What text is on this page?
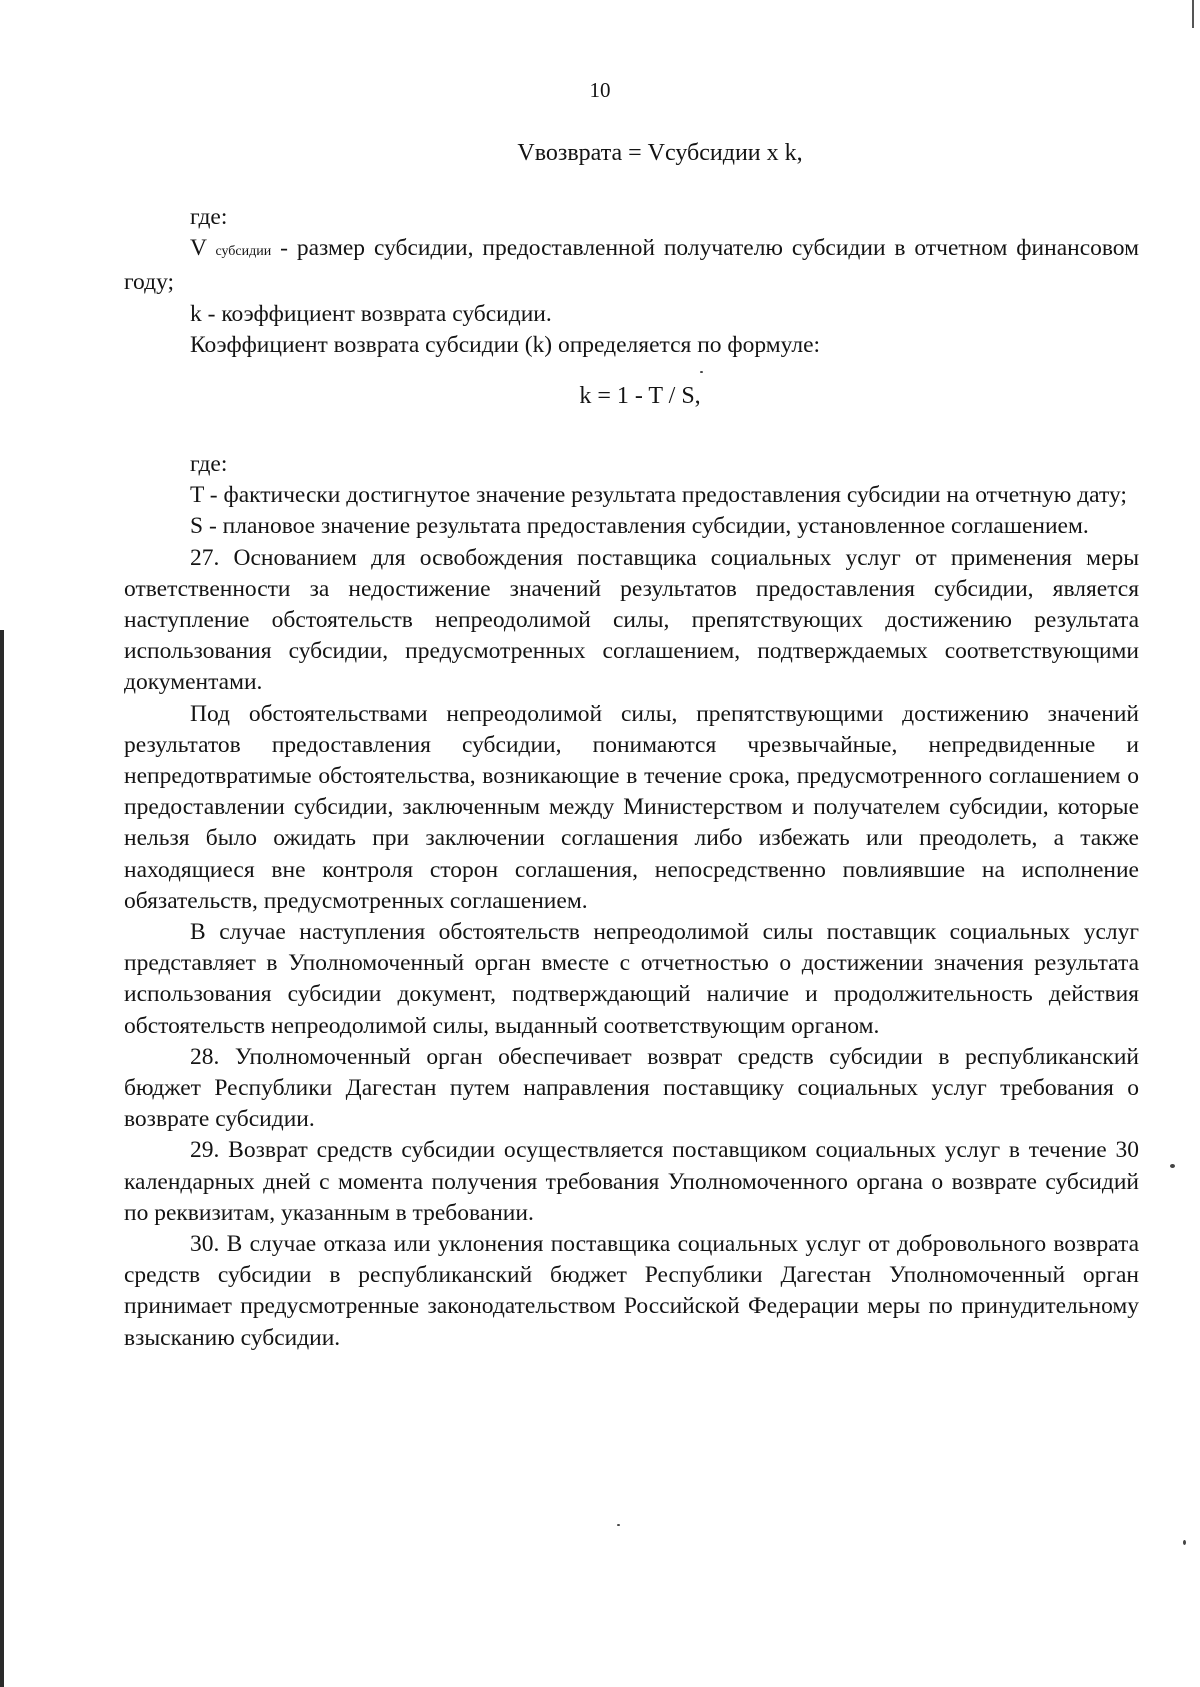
10
Vвозврата = Vсубсидии х k,

где:

V субсидии - размер субсидии, предоставленной получателю субсидии в отчетном финансовом году;

k - коэффициент возврата субсидии.

Коэффициент возврата субсидии (k) определяется по формуле:

k = 1 - T / S,

где:

T - фактически достигнутое значение результата предоставления субсидии на отчетную дату;

S - плановое значение результата предоставления субсидии, установленное соглашением.

27. Основанием для освобождения поставщика социальных услуг от применения меры ответственности за недостижение значений результатов предоставления субсидии, является наступление обстоятельств непреодолимой силы, препятствующих достижению результата использования субсидии, предусмотренных соглашением, подтверждаемых соответствующими документами.

Под обстоятельствами непреодолимой силы, препятствующими достижению значений результатов предоставления субсидии, понимаются чрезвычайные, непредвиденные и непредотвратимые обстоятельства, возникающие в течение срока, предусмотренного соглашением о предоставлении субсидии, заключенным между Министерством и получателем субсидии, которые нельзя было ожидать при заключении соглашения либо избежать или преодолеть, а также находящиеся вне контроля сторон соглашения, непосредственно повлиявшие на исполнение обязательств, предусмотренных соглашением.

В случае наступления обстоятельств непреодолимой силы поставщик социальных услуг представляет в Уполномоченный орган вместе с отчетностью о достижении значения результата использования субсидии документ, подтверждающий наличие и продолжительность действия обстоятельств непреодолимой силы, выданный соответствующим органом.

28. Уполномоченный орган обеспечивает возврат средств субсидии в республиканский бюджет Республики Дагестан путем направления поставщику социальных услуг требования о возврате субсидии.

29. Возврат средств субсидии осуществляется поставщиком социальных услуг в течение 30 календарных дней с момента получения требования Уполномоченного органа о возврате субсидий по реквизитам, указанным в требовании.

30. В случае отказа или уклонения поставщика социальных услуг от добровольного возврата средств субсидии в республиканский бюджет Республики Дагестан Уполномоченный орган принимает предусмотренные законодательством Российской Федерации меры по принудительному взысканию субсидии.
